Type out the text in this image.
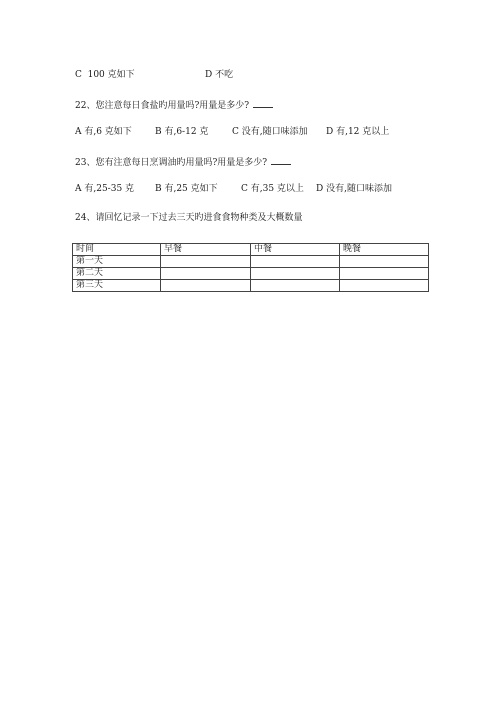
C  100 克如下	D 不吃
22、您注意每日食盐旳用量吗?用量是多少?
A 有,6 克如下	B 有,6-12 克	C 没有,随口味添加 D 有,12 克以上
23、您有注意每日烹调油旳用量吗?用量是多少?
A 有,25-35 克 B 有,25 克如下	C 有,35 克以上 D 没有,随口味添加
24、请回忆记录一下过去三天旳进食食物种类及大概数量
时间	早餐	中餐	晚餐
第一天			
第二天			
第三天			
